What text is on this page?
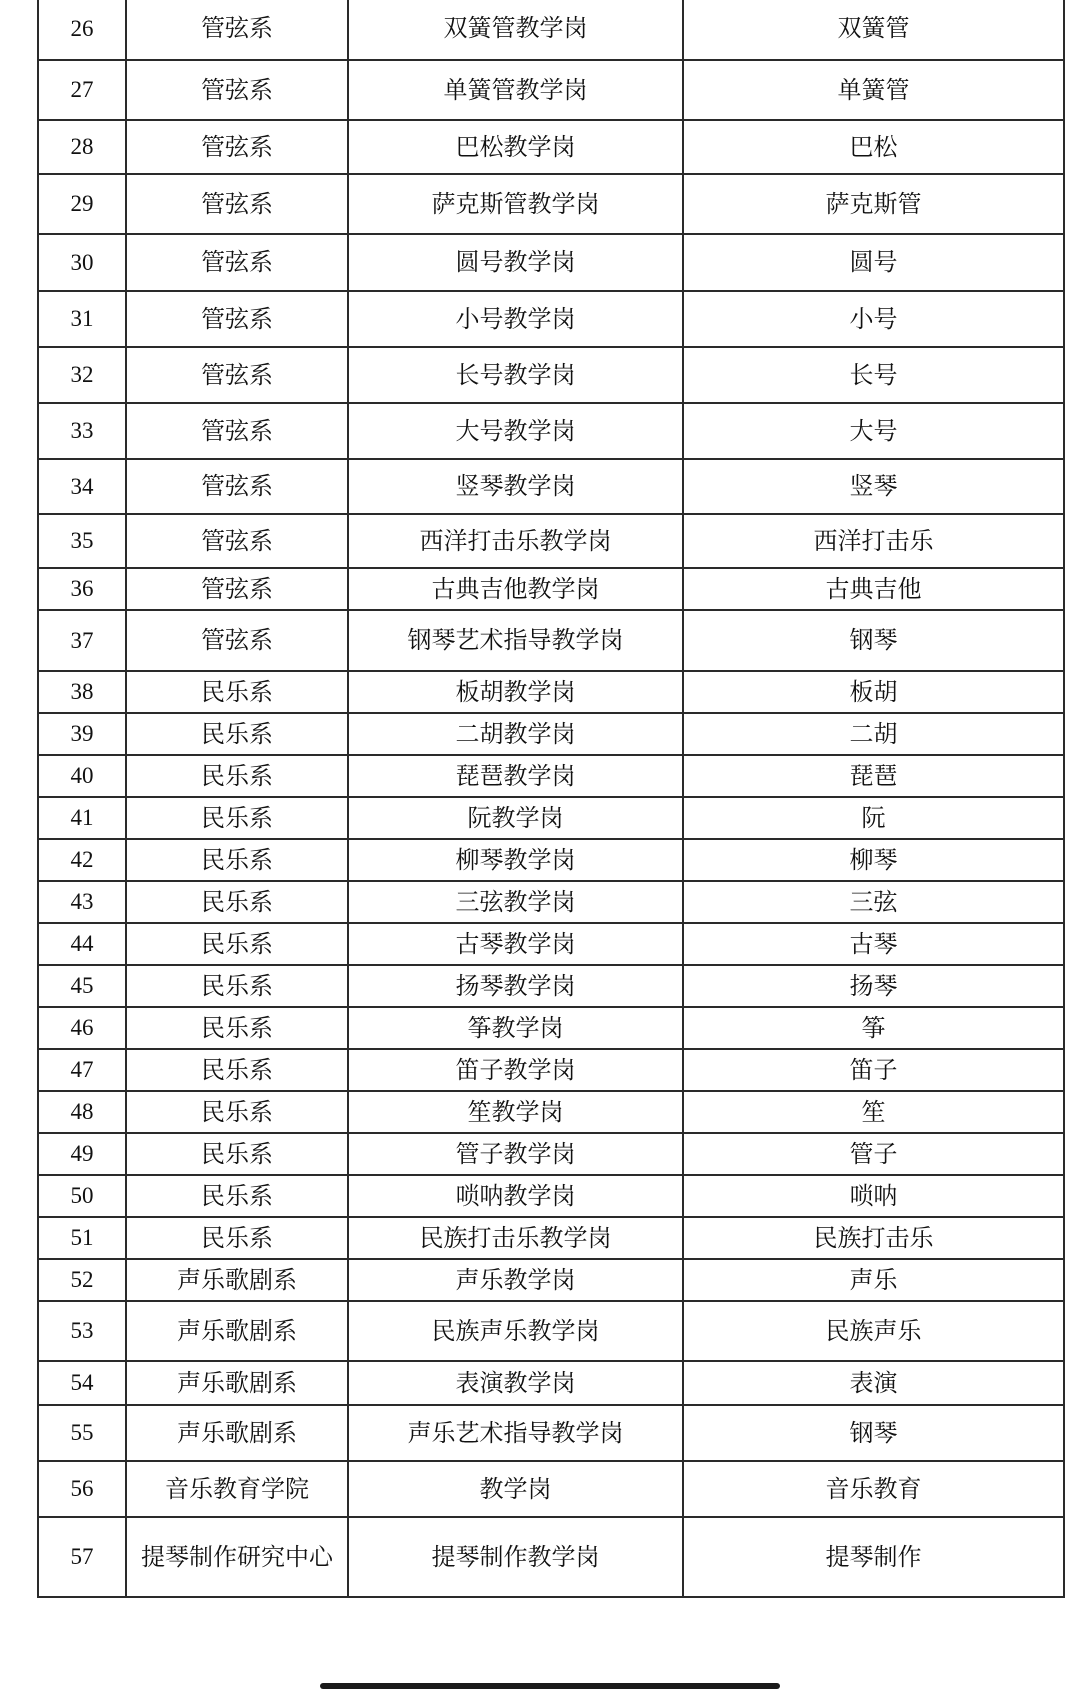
26	管弦系	双簧管教学岗	双簧管
27	管弦系	单簧管教学岗	单簧管
28	管弦系	巴松教学岗	巴松
29	管弦系	萨克斯管教学岗	萨克斯管
30	管弦系	圆号教学岗	圆号
31	管弦系	小号教学岗	小号
32	管弦系	长号教学岗	长号
33	管弦系	大号教学岗	大号
34	管弦系	竖琴教学岗	竖琴
35	管弦系	西洋打击乐教学岗	西洋打击乐
36	管弦系	古典吉他教学岗	古典吉他
37	管弦系	钢琴艺术指导教学岗	钢琴
38	民乐系	板胡教学岗	板胡
39	民乐系	二胡教学岗	二胡
40	民乐系	琵琶教学岗	琵琶
41	民乐系	阮教学岗	阮
42	民乐系	柳琴教学岗	柳琴
43	民乐系	三弦教学岗	三弦
44	民乐系	古琴教学岗	古琴
45	民乐系	扬琴教学岗	扬琴
46	民乐系	筝教学岗	筝
47	民乐系	笛子教学岗	笛子
48	民乐系	笙教学岗	笙
49	民乐系	管子教学岗	管子
50	民乐系	唢呐教学岗	唢呐
51	民乐系	民族打击乐教学岗	民族打击乐
52	声乐歌剧系	声乐教学岗	声乐
53	声乐歌剧系	民族声乐教学岗	民族声乐
54	声乐歌剧系	表演教学岗	表演
55	声乐歌剧系	声乐艺术指导教学岗	钢琴
56	音乐教育学院	教学岗	音乐教育
57	提琴制作研究中心	提琴制作教学岗	提琴制作
